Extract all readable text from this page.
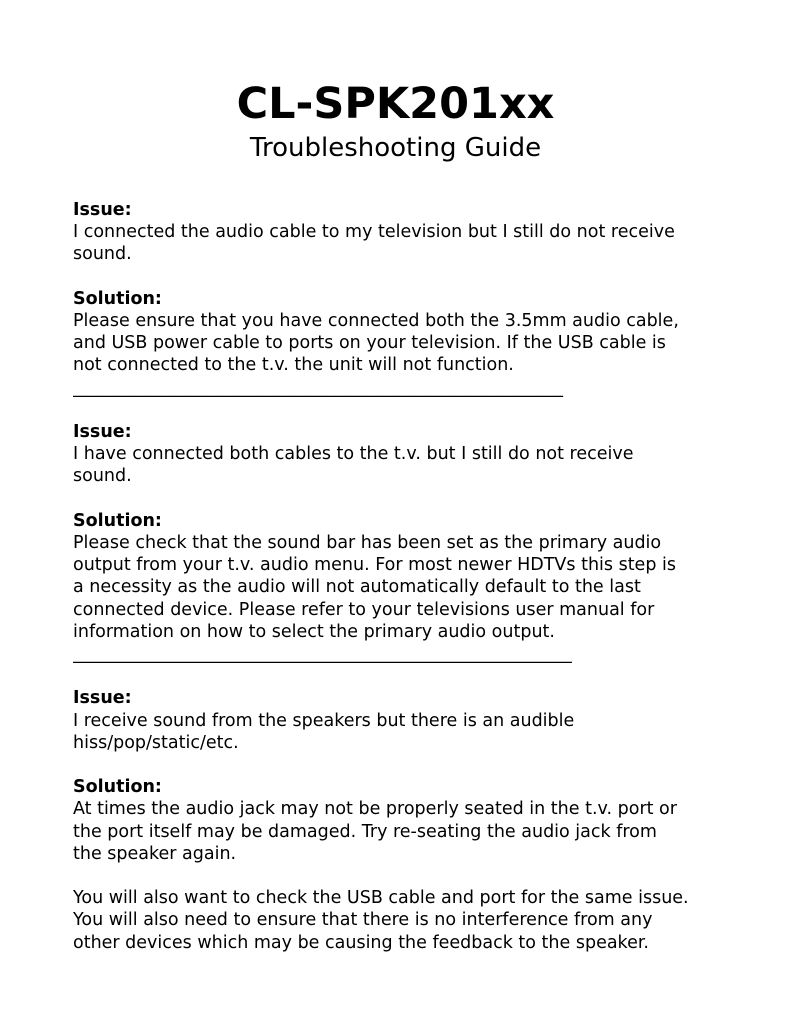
CL-SPK201xx
Troubleshooting Guide
Issue:
I connected the audio cable to my television but I still do not receive
sound.
Solution:
Please ensure that you have connected both the 3.5mm audio cable,
and USB power cable to ports on your television. If the USB cable is
not connected to the t.v. the unit will not function.
________________________________________________________
Issue:
I have connected both cables to the t.v. but I still do not receive
sound.
Solution:
Please check that the sound bar has been set as the primary audio
output from your t.v. audio menu. For most newer HDTVs this step is
a necessity as the audio will not automatically default to the last
connected device. Please refer to your televisions user manual for
information on how to select the primary audio output.
_________________________________________________________
Issue:
I receive sound from the speakers but there is an audible
hiss/pop/static/etc.
Solution:
At times the audio jack may not be properly seated in the t.v. port or
the port itself may be damaged. Try re-seating the audio jack from
the speaker again.
You will also want to check the USB cable and port for the same issue.
You will also need to ensure that there is no interference from any
other devices which may be causing the feedback to the speaker.
